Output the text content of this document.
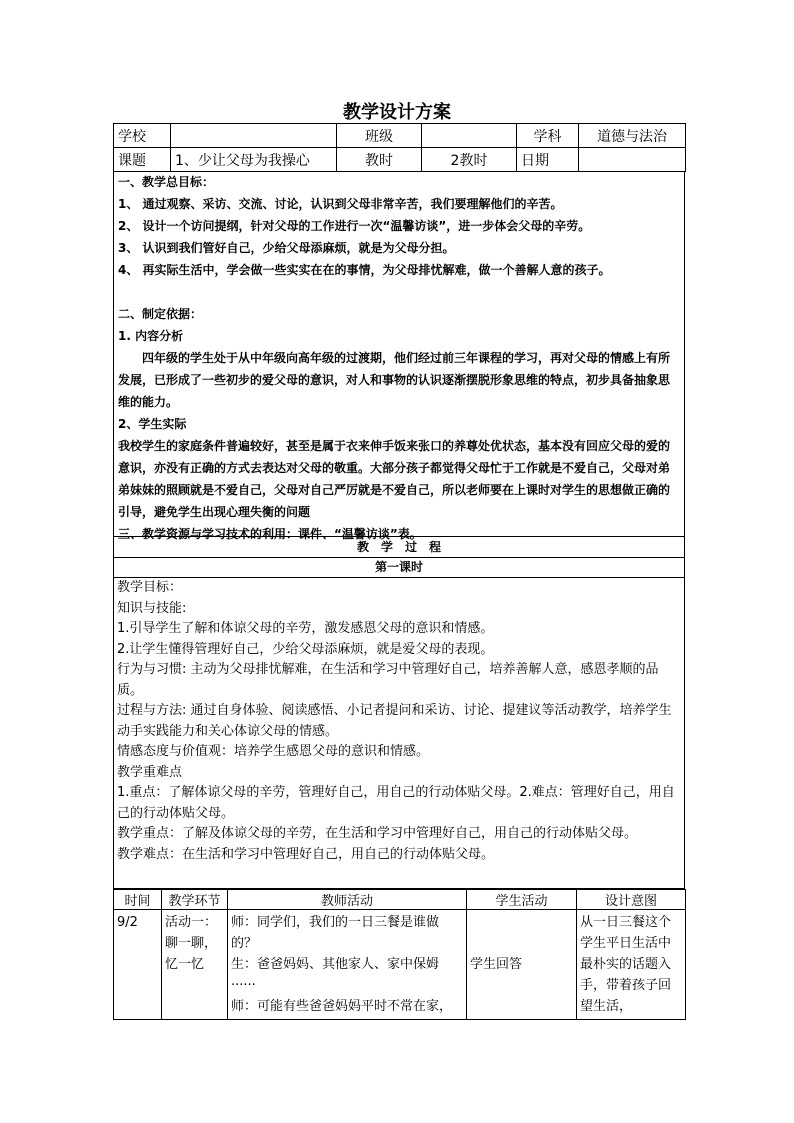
教学设计方案
学校		班级		学科	道德与法治
课题	1、少让父母为我操心	教时	2教时	日期	

一、教学总目标：

1、 通过观察、采访、交流、讨论，认识到父母非常辛苦，我们要理解他们的辛苦。

2、 设计一个访问提纲，针对父母的工作进行一次“温馨访谈”，进一步体会父母的辛劳。

3、 认识到我们管好自己，少给父母添麻烦，就是为父母分担。

4、 再实际生活中，学会做一些实实在在的事情，为父母排忧解难，做一个善解人意的孩子。

二、制定依据：

1. 内容分析

四年级的学生处于从中年级向高年级的过渡期，他们经过前三年课程的学习，再对父母的情感上有所发展，已形成了一些初步的爱父母的意识，对人和事物的认识逐渐摆脱形象思维的特点，初步具备抽象思维的能力。

2、学生实际

我校学生的家庭条件普遍较好，甚至是属于衣来伸手饭来张口的养尊处优状态，基本没有回应父母的爱的意识，亦没有正确的方式去表达对父母的敬重。大部分孩子都觉得父母忙于工作就是不爱自己，父母对弟弟妹妹的照顾就是不爱自己，父母对自己严厉就是不爱自己，所以老师要在上课时对学生的思想做正确的引导，避免学生出现心理失衡的问题

三、教学资源与学习技术的利用：课件、“温馨访谈”表。

教　学　过　程
第一课时

教学目标：

知识与技能:

1.引导学生了解和体谅父母的辛劳，激发感恩父母的意识和情感。

2.让学生懂得管理好自己，少给父母添麻烦，就是爱父母的表现。

行为与习惯: 主动为父母排忧解难，在生活和学习中管理好自己，培养善解人意，感恩孝顺的品质。

过程与方法: 通过自身体验、阅读感悟、小记者提问和采访、讨论、提建议等活动教学，培养学生动手实践能力和关心体谅父母的情感。

情感态度与价值观：培养学生感恩父母的意识和情感。

教学重难点

1.重点：了解体谅父母的辛劳，管理好自己，用自己的行动体贴父母。2.难点：管理好自己，用自己的行动体贴父母。

教学重点：了解及体谅父母的辛劳，在生活和学习中管理好自己，用自己的行动体贴父母。

教学难点：在生活和学习中管理好自己，用自己的行动体贴父母。

时间	教学环节	教师活动	学生活动	设计意图
9/2	活动一：聊一聊，忆一忆	师：同学们，我们的一日三餐是谁做的？
生：爸爸妈妈、其他家人、家中保姆······
师：可能有些爸爸妈妈平时不常在家，	学生回答	从一日三餐这个学生平日生活中最朴实的话题入手，带着孩子回望生活，
